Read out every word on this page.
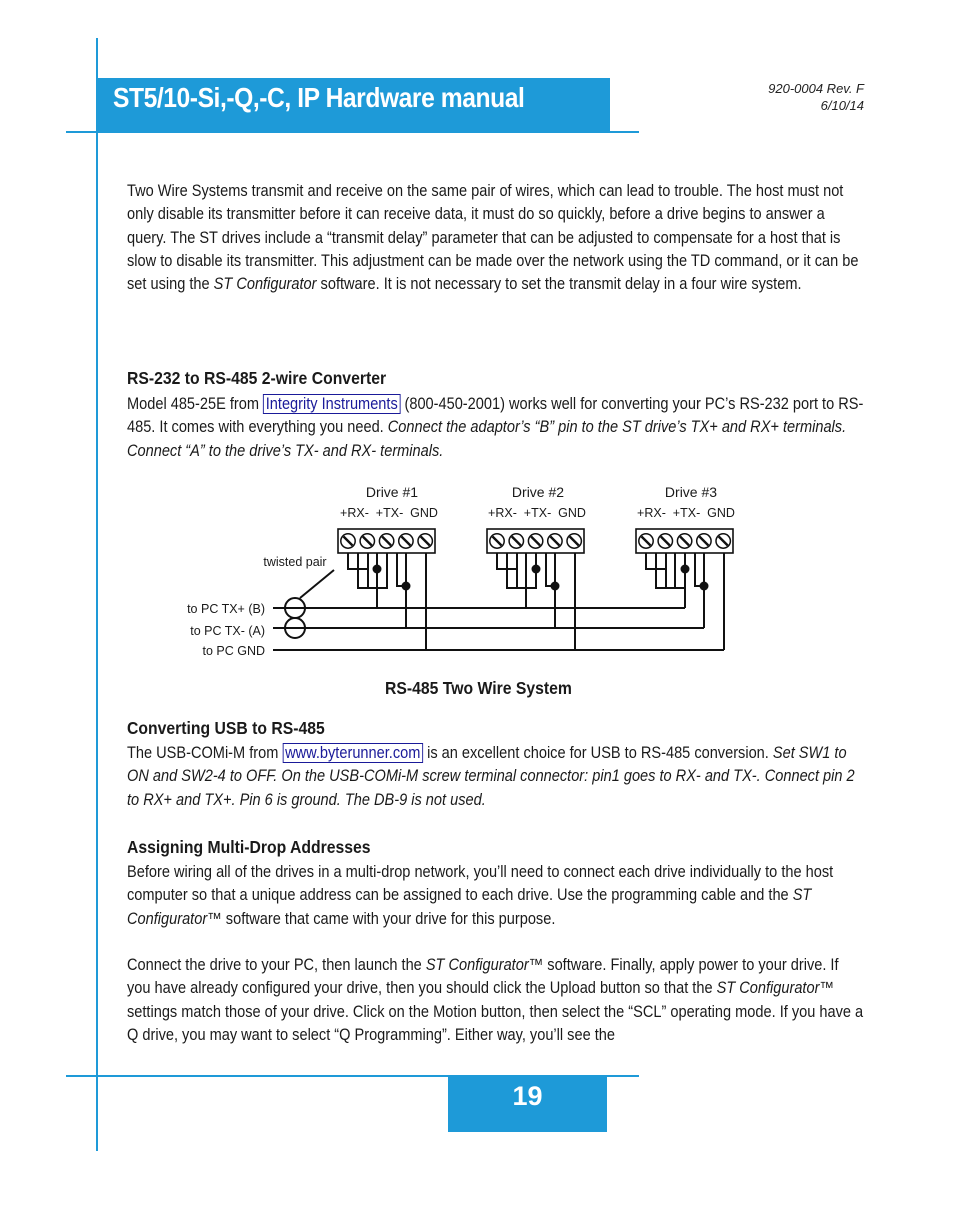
ST5/10-Si,-Q,-C, IP Hardware manual	920-0004 Rev. F
6/10/14
Two Wire Systems transmit and receive on the same pair of wires, which can lead to trouble. The host must not only disable its transmitter before it can receive data, it must do so quickly, before a drive begins to answer a query. The ST drives include a “transmit delay” parameter that can be adjusted to compensate for a host that is slow to disable its transmitter. This adjustment can be made over the network using the TD command, or it can be set using the ST Configurator software. It is not necessary to set the transmit delay in a four wire system.
RS-232 to RS-485 2-wire Converter
Model 485-25E from Integrity Instruments (800-450-2001) works well for converting your PC’s RS-232 port to RS-485. It comes with everything you need. Connect the adaptor’s “B” pin to the ST drive’s TX+ and RX+ terminals. Connect “A” to the drive’s TX- and RX- terminals.
Drive #1	Drive #2	Drive #3
+RX-  +TX-  GND	+RX-  +TX-  GND	+RX-  +TX-  GND
twisted pair
to PC TX+ (B)
to PC TX- (A)
to PC GND
RS-485 Two Wire System
Converting USB to RS-485
The USB-COMi-M from www.byterunner.com is an excellent choice for USB to RS-485 conversion. Set SW1 to ON and SW2-4 to OFF. On the USB-COMi-M screw terminal connector: pin1 goes to RX- and TX-. Connect pin 2 to RX+ and TX+. Pin 6 is ground. The DB-9 is not used.
Assigning Multi-Drop Addresses
Before wiring all of the drives in a multi-drop network, you’ll need to connect each drive individually to the host computer so that a unique address can be assigned to each drive. Use the programming cable and the ST Configurator™ software that came with your drive for this purpose.
Connect the drive to your PC, then launch the ST Configurator™ software. Finally, apply power to your drive. If you have already configured your drive, then you should click the Upload button so that the ST Configurator™ settings match those of your drive. Click on the Motion button, then select the “SCL” operating mode. If you have a Q drive, you may want to select “Q Programming”. Either way, you’ll see the
19
